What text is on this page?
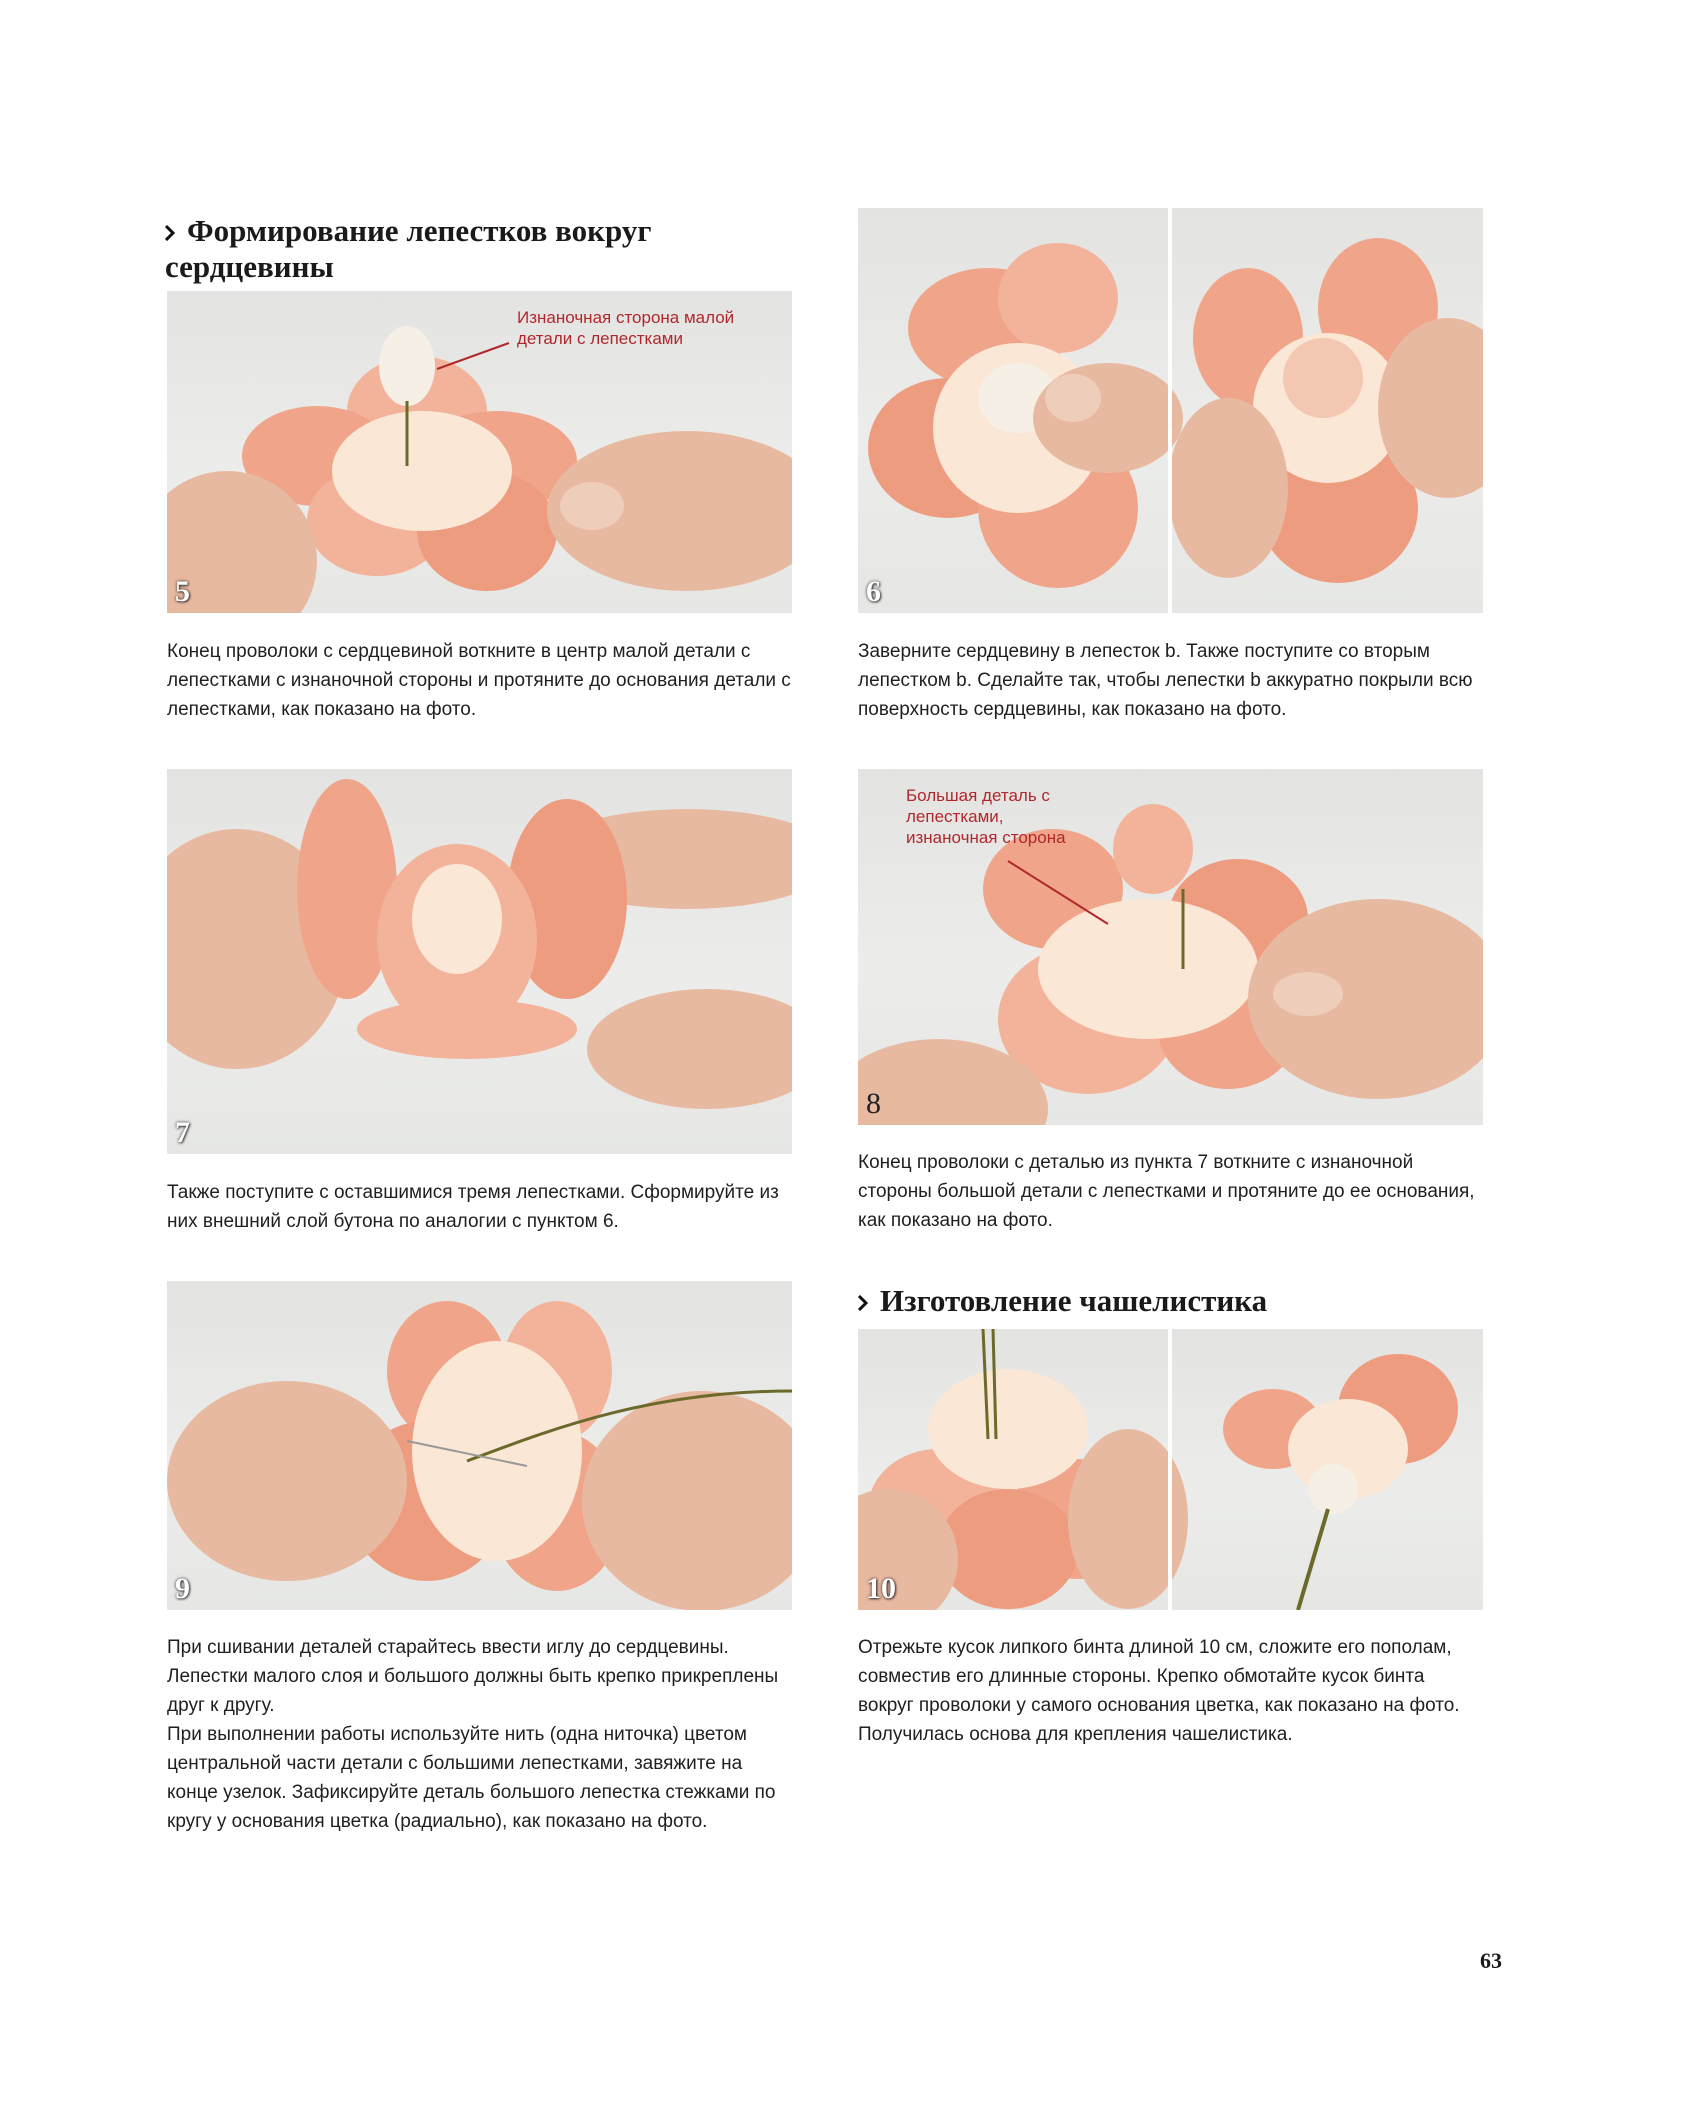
Формирование лепестков вокруг сердцевины
Изготовление чашелистика
Изнаночная сторона малой детали с лепестками
5	6

Конец проволоки с сердцевиной воткните в центр малой детали с лепестками с изнаночной стороны и протяните до основания детали с лепестками, как показано на фото.

Заверните сердцевину в лепесток b. Также поступите со вторым лепестком b. Сделайте так, чтобы лепестки b аккуратно покрыли всю поверхность сердцевины, как показано на фото.

7
Большая деталь с лепестками, изнаночная сторона
8

Также поступите с оставшимися тремя лепестками. Сформируйте из них внешний слой бутона по аналогии с пунктом 6.

Конец проволоки с деталью из пункта 7 воткните с изнаночной стороны большой детали с лепестками и протяните до ее основания, как показано на фото.

9	10

При сшивании деталей старайтесь ввести иглу до сердцевины. Лепестки малого слоя и большого должны быть крепко прикреплены друг к другу.

При выполнении работы используйте нить (одна ниточка) цветом центральной части детали с большими лепестками, завяжите на конце узелок. Зафиксируйте деталь большого лепестка стежками по кругу у основания цветка (радиально), как показано на фото.

Отрежьте кусок липкого бинта длиной 10 см, сложите его пополам, совместив его длинные стороны. Крепко обмотайте кусок бинта вокруг проволоки у самого основания цветка, как показано на фото. Получилась основа для крепления чашелистика.

63
